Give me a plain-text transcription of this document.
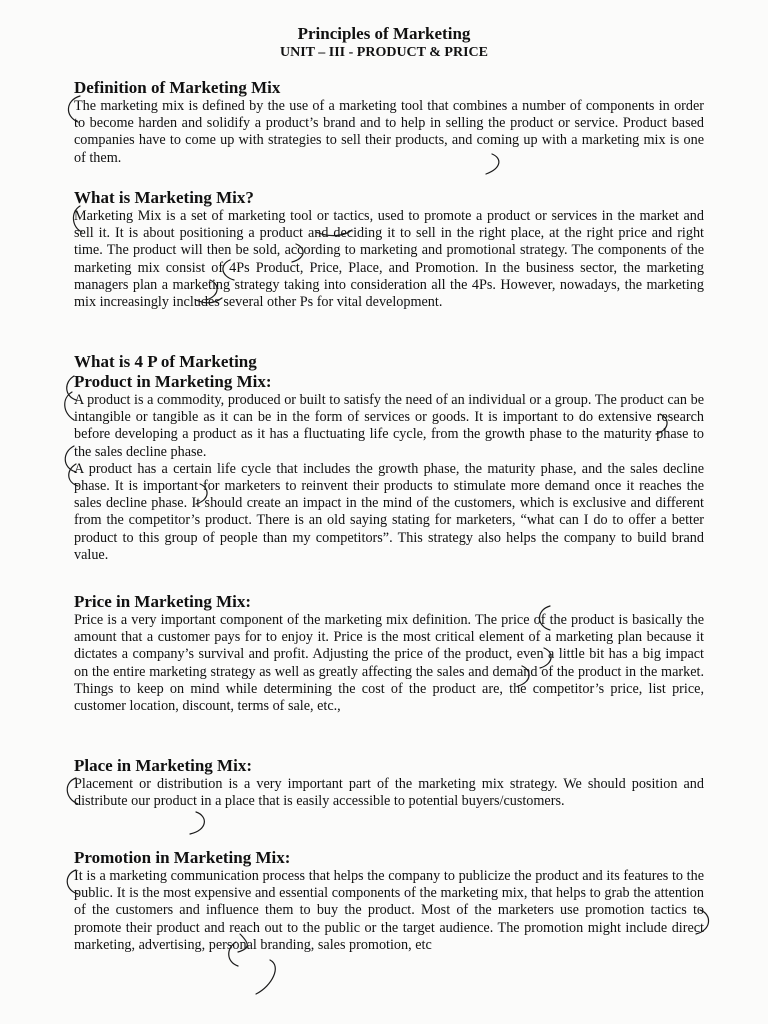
Principles of Marketing
UNIT – III - PRODUCT & PRICE
Definition of Marketing Mix

The marketing mix is defined by the use of a marketing tool that combines a number of components in order to become harden and solidify a product’s brand and to help in selling the product or service. Product based companies have to come up with strategies to sell their products, and coming up with a marketing mix is one of them.

What is Marketing Mix?

Marketing Mix is a set of marketing tool or tactics, used to promote a product or services in the market and sell it. It is about positioning a product and deciding it to sell in the right place, at the right price and right time. The product will then be sold, according to marketing and promotional strategy. The components of the marketing mix consist of 4Ps Product, Price, Place, and Promotion. In the business sector, the marketing managers plan a marketing strategy taking into consideration all the 4Ps. However, nowadays, the marketing mix increasingly includes several other Ps for vital development.

What is 4 P of Marketing
Product in Marketing Mix:

A product is a commodity, produced or built to satisfy the need of an individual or a group. The product can be intangible or tangible as it can be in the form of services or goods. It is important to do extensive research before developing a product as it has a fluctuating life cycle, from the growth phase to the maturity phase to the sales decline phase.

A product has a certain life cycle that includes the growth phase, the maturity phase, and the sales decline phase. It is important for marketers to reinvent their products to stimulate more demand once it reaches the sales decline phase. It should create an impact in the mind of the customers, which is exclusive and different from the competitor’s product. There is an old saying stating for marketers, “what can I do to offer a better product to this group of people than my competitors”. This strategy also helps the company to build brand value.

Price in Marketing Mix:

Price is a very important component of the marketing mix definition. The price of the product is basically the amount that a customer pays for to enjoy it. Price is the most critical element of a marketing plan because it dictates a company’s survival and profit. Adjusting the price of the product, even a little bit has a big impact on the entire marketing strategy as well as greatly affecting the sales and demand of the product in the market. Things to keep on mind while determining the cost of the product are, the competitor’s price, list price, customer location, discount, terms of sale, etc.,

Place in Marketing Mix:

Placement or distribution is a very important part of the marketing mix strategy. We should position and distribute our product in a place that is easily accessible to potential buyers/customers.

Promotion in Marketing Mix:

It is a marketing communication process that helps the company to publicize the product and its features to the public. It is the most expensive and essential components of the marketing mix, that helps to grab the attention of the customers and influence them to buy the product. Most of the marketers use promotion tactics to promote their product and reach out to the public or the target audience. The promotion might include direct marketing, advertising, personal branding, sales promotion, etc
